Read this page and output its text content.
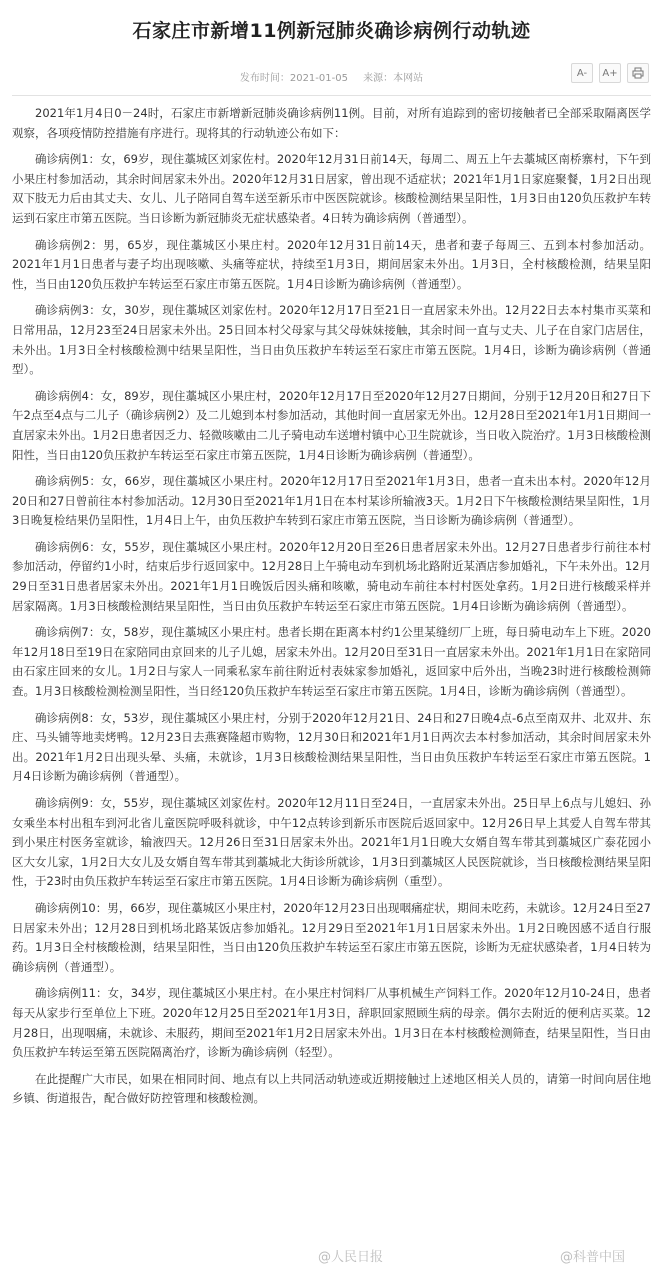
石家庄市新增11例新冠肺炎确诊病例行动轨迹
发布时间：2021-01-05 来源：本网站	A-	A+

2021年1月4日0－24时，石家庄市新增新冠肺炎确诊病例11例。目前，对所有追踪到的密切接触者已全部采取隔离医学观察，各项疫情防控措施有序进行。现将其的行动轨迹公布如下：

确诊病例1：女，69岁，现住藁城区刘家佐村。2020年12月31日前14天，每周二、周五上午去藁城区南桥寨村，下午到小果庄村参加活动，其余时间居家未外出。2020年12月31日居家，曾出现不适症状；2021年1月1日家庭聚餐，1月2日出现双下肢无力后由其丈夫、女儿、儿子陪同自驾车送至新乐市中医医院就诊。核酸检测结果呈阳性，1月3日由120负压救护车转运到石家庄市第五医院。当日诊断为新冠肺炎无症状感染者。4日转为确诊病例（普通型）。

确诊病例2：男，65岁，现住藁城区小果庄村。2020年12月31日前14天，患者和妻子每周三、五到本村参加活动。2021年1月1日患者与妻子均出现咳嗽、头痛等症状，持续至1月3日，期间居家未外出。1月3日，全村核酸检测，结果呈阳性，当日由120负压救护车转运至石家庄市第五医院。1月4日诊断为确诊病例（普通型）。

确诊病例3：女，30岁，现住藁城区刘家佐村。2020年12月17日至21日一直居家未外出。12月22日去本村集市买菜和日常用品，12月23至24日居家未外出。25日回本村父母家与其父母妹妹接触，其余时间一直与丈夫、儿子在自家门店居住，未外出。1月3日全村核酸检测中结果呈阳性，当日由负压救护车转运至石家庄市第五医院。1月4日，诊断为确诊病例（普通型）。

确诊病例4：女，89岁，现住藁城区小果庄村，2020年12月17日至2020年12月27日期间，分别于12月20日和27日下午2点至4点与二儿子（确诊病例2）及二儿媳到本村参加活动，其他时间一直居家无外出。12月28日至2021年1月1日期间一直居家未外出。1月2日患者因乏力、轻微咳嗽由二儿子骑电动车送增村镇中心卫生院就诊，当日收入院治疗。1月3日核酸检测阳性，当日由120负压救护车转运至石家庄市第五医院，1月4日诊断为确诊病例（普通型）。

确诊病例5：女，66岁，现住藁城区小果庄村。2020年12月17日至2021年1月3日，患者一直未出本村。2020年12月20日和27日曾前往本村参加活动。12月30日至2021年1月1日在本村某诊所输液3天。1月2日下午核酸检测结果呈阳性，1月3日晚复检结果仍呈阳性，1月4日上午，由负压救护车转到石家庄市第五医院，当日诊断为确诊病例（普通型）。

确诊病例6：女，55岁，现住藁城区小果庄村。2020年12月20日至26日患者居家未外出。12月27日患者步行前往本村参加活动，停留约1小时，结束后步行返回家中。12月28日上午骑电动车到机场北路附近某酒店参加婚礼，下午未外出。12月29日至31日患者居家未外出。2021年1月1日晚饭后因头痛和咳嗽，骑电动车前往本村村医处拿药。1月2日进行核酸采样并居家隔离。1月3日核酸检测结果呈阳性，当日由负压救护车转运至石家庄市第五医院。1月4日诊断为确诊病例（普通型）。

确诊病例7：女，58岁，现住藁城区小果庄村。患者长期在距离本村约1公里某缝纫厂上班，每日骑电动车上下班。2020年12月18日至19日在家陪同由京回来的儿子儿媳，居家未外出。12月20日至31日一直居家未外出。2021年1月1日在家陪同由石家庄回来的女儿。1月2日与家人一同乘私家车前往附近村表妹家参加婚礼，返回家中后外出，当晚23时进行核酸检测筛查。1月3日核酸检测检测呈阳性，当日经120负压救护车转运至石家庄市第五医院。1月4日，诊断为确诊病例（普通型）。

确诊病例8：女，53岁，现住藁城区小果庄村，分别于2020年12月21日、24日和27日晚4点-6点至南双井、北双井、东庄、马头铺等地卖烤鸭。12月23日去燕赛隆超市购物，12月30日和2021年1月1日两次去本村参加活动，其余时间居家未外出。2021年1月2日出现头晕、头痛，未就诊，1月3日核酸检测结果呈阳性，当日由负压救护车转运至石家庄市第五医院。1月4日诊断为确诊病例（普通型）。

确诊病例9：女，55岁，现住藁城区刘家佐村。2020年12月11日至24日，一直居家未外出。25日早上6点与儿媳妇、孙女乘坐本村出租车到河北省儿童医院呼吸科就诊，中午12点转诊到新乐市医院后返回家中。12月26日早上其爱人自驾车带其到小果庄村医务室就诊，输液四天。12月26日至31日居家未外出。2021年1月1日晚大女婿自驾车带其到藁城区广泰花园小区大女儿家，1月2日大女儿及女婿自驾车带其到藁城北大街诊所就诊，1月3日到藁城区人民医院就诊，当日核酸检测结果呈阳性，于23时由负压救护车转运至石家庄市第五医院。1月4日诊断为确诊病例（重型）。

确诊病例10：男，66岁，现住藁城区小果庄村，2020年12月23日出现咽痛症状，期间未吃药，未就诊。12月24日至27日居家未外出；12月28日到机场北路某饭店参加婚礼。12月29日至2021年1月1日居家未外出。1月2日晚因感不适自行服药。1月3日全村核酸检测，结果呈阳性，当日由120负压救护车转运至石家庄市第五医院，诊断为无症状感染者，1月4日转为确诊病例（普通型）。

确诊病例11：女，34岁，现住藁城区小果庄村。在小果庄村饲料厂从事机械生产饲料工作。2020年12月10-24日，患者每天从家步行至单位上下班。2020年12月25日至2021年1月3日，辞职回家照顾生病的母亲。偶尔去附近的便利店买菜。12月28日，出现咽痛，未就诊、未服药，期间至2021年1月2日居家未外出。1月3日在本村核酸检测筛查，结果呈阳性，当日由负压救护车转运至第五医院隔离治疗，诊断为确诊病例（轻型）。

在此提醒广大市民，如果在相同时间、地点有以上共同活动轨迹或近期接触过上述地区相关人员的，请第一时间向居住地乡镇、街道报告，配合做好防控管理和核酸检测。

@人民日报	@科普中国
